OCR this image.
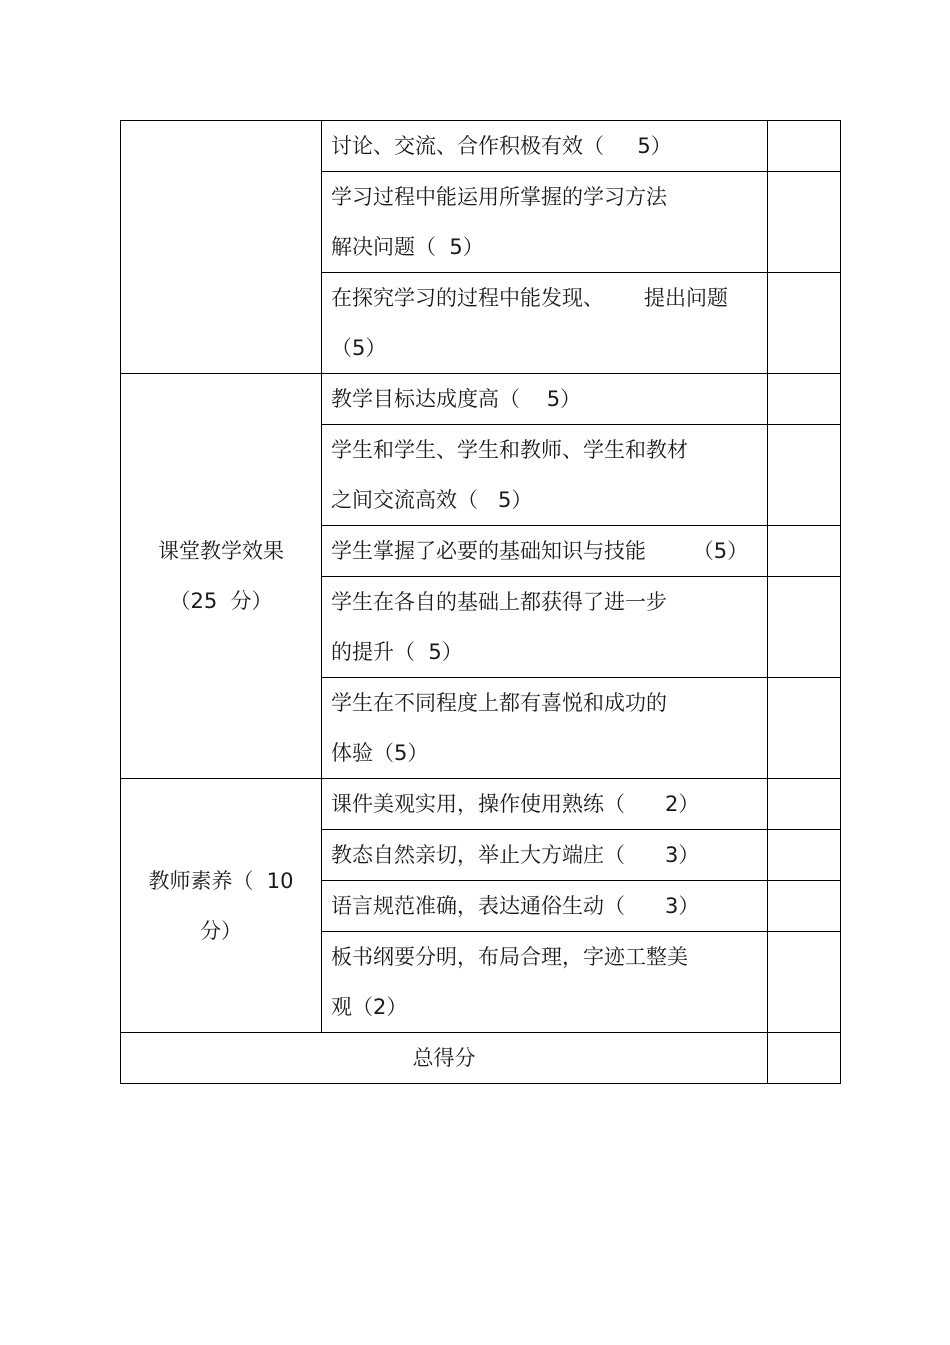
	讨论、交流、合作积极有效（     5）	

	学习过程中能运用所掌握的学习方法
解决问题（  5）	

	在探究学习的过程中能发现、      提出问题
（5）	

课堂教学效果
（25  分）	教学目标达成度高（    5）	

	学生和学生、学生和教师、学生和教材
之间交流高效（   5）	

	学生掌握了必要的基础知识与技能       （5）	

	学生在各自的基础上都获得了进一步
的提升（  5）	

	学生在不同程度上都有喜悦和成功的
体验（5）	

教师素养（  10
分）	课件美观实用，操作使用熟练（      2）	

	教态自然亲切，举止大方端庄（      3）	

	语言规范准确，表达通俗生动（      3）	

	板书纲要分明，布局合理，字迹工整美
观（2）	

总得分		
